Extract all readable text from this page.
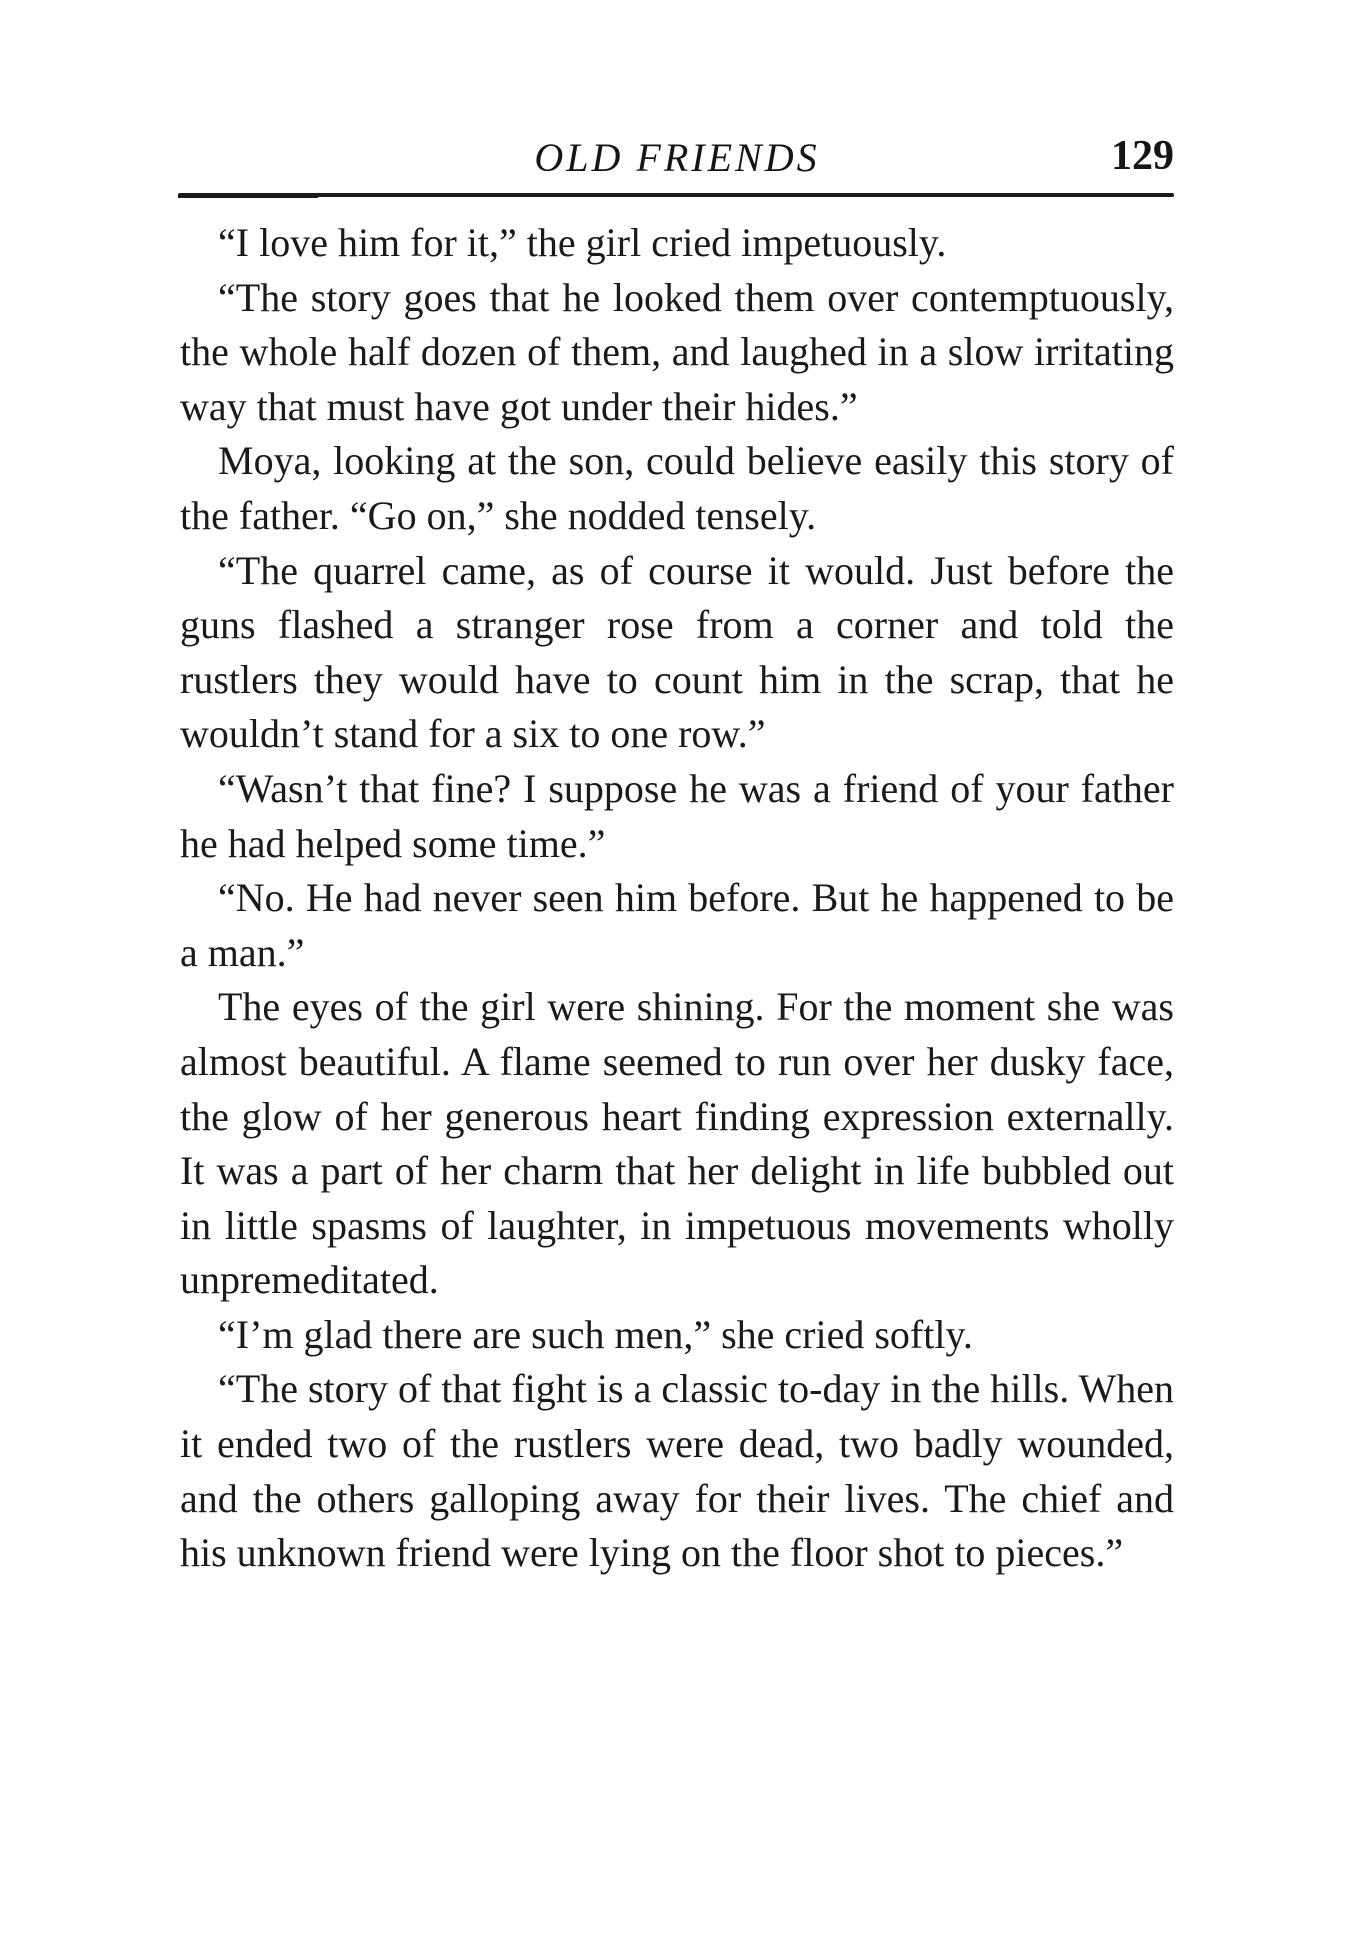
OLD FRIENDS	129

“I love him for it,” the girl cried impetuously.

“The story goes that he looked them over contemptuously, the whole half dozen of them, and laughed in a slow irritating way that must have got under their hides.”

Moya, looking at the son, could believe easily this story of the father. “Go on,” she nodded tensely.

“The quarrel came, as of course it would. Just before the guns flashed a stranger rose from a corner and told the rustlers they would have to count him in the scrap, that he wouldn’t stand for a six to one row.”

“Wasn’t that fine? I suppose he was a friend of your father he had helped some time.”

“No. He had never seen him before. But he happened to be a man.”

The eyes of the girl were shining. For the moment she was almost beautiful. A flame seemed to run over her dusky face, the glow of her generous heart finding expression externally. It was a part of her charm that her delight in life bubbled out in little spasms of laughter, in impetuous movements wholly unpremeditated.

“I’m glad there are such men,” she cried softly.

“The story of that fight is a classic to-day in the hills. When it ended two of the rustlers were dead, two badly wounded, and the others galloping away for their lives. The chief and his unknown friend were lying on the floor shot to pieces.”
